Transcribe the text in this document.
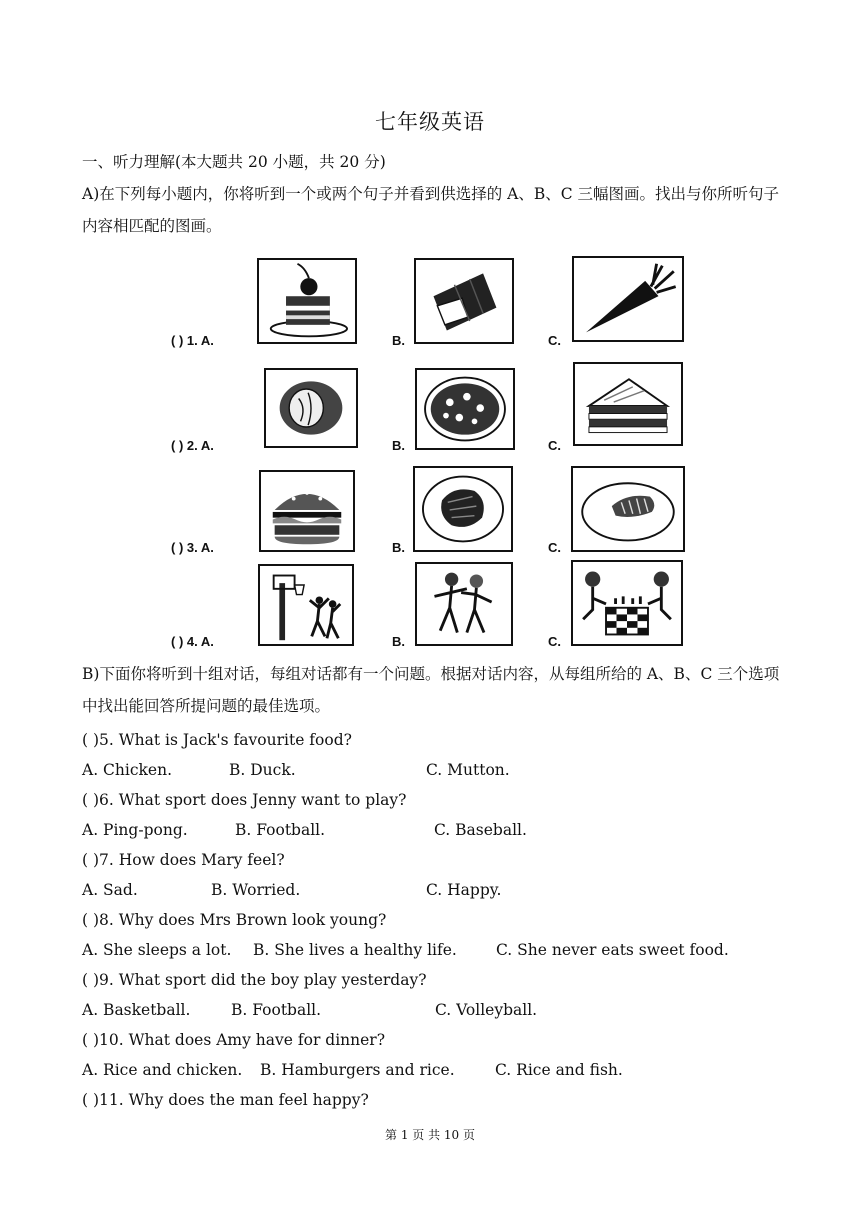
七年级英语
一、听力理解(本大题共 20 小题，共 20 分)
A)在下列每小题内，你将听到一个或两个句子并看到供选择的 A、B、C 三幅图画。找出与你所听句子内容相匹配的图画。
( ) 1. A.	B.	C.
( ) 2. A.	B.	C.
( ) 3. A.	B.	C.
( ) 4. A.	B.	C.
B)下面你将听到十组对话，每组对话都有一个问题。根据对话内容，从每组所给的 A、B、C 三个选项中找出能回答所提问题的最佳选项。
( )5. What is Jack's favourite food?
A. Chicken.	B. Duck.	C. Mutton.
( )6. What sport does Jenny want to play?
A. Ping-pong.	B. Football.	C. Baseball.
( )7. How does Mary feel?
A. Sad.	B. Worried.	C. Happy.
( )8. Why does Mrs Brown look young?
A. She sleeps a lot. B. She lives a healthy life.	C. She never eats sweet food.
( )9. What sport did the boy play yesterday?
A. Basketball.	B. Football.	C. Volleyball.
( )10. What does Amy have for dinner?
A. Rice and chicken. B. Hamburgers and rice.	C. Rice and fish.
( )11. Why does the man feel happy?
第 1 页 共 10 页
